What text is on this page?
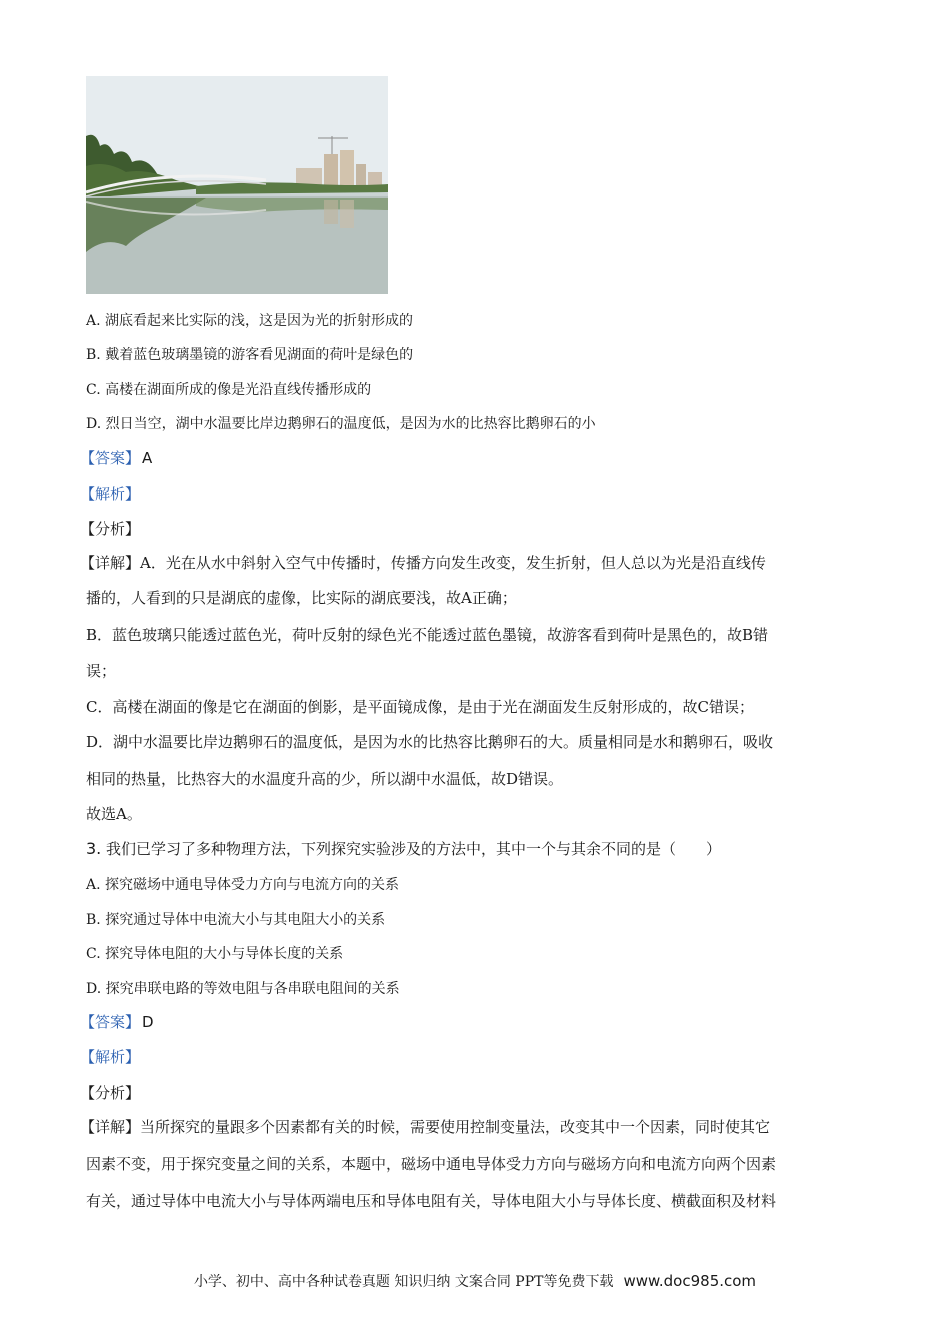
A. 湖底看起来比实际的浅，这是因为光的折射形成的
B. 戴着蓝色玻璃墨镜的游客看见湖面的荷叶是绿色的
C. 高楼在湖面所成的像是光沿直线传播形成的
D. 烈日当空，湖中水温要比岸边鹅卵石的温度低，是因为水的比热容比鹅卵石的小
【答案】 A
【解析】
【分析】
【详解】A．光在从水中斜射入空气中传播时，传播方向发生改变，发生折射，但人总以为光是沿直线传
播的，人看到的只是湖底的虚像，比实际的湖底要浅，故A正确；
B．蓝色玻璃只能透过蓝色光，荷叶反射的绿色光不能透过蓝色墨镜，故游客看到荷叶是黑色的，故B错
误；
C．高楼在湖面的像是它在湖面的倒影，是平面镜成像，是由于光在湖面发生反射形成的，故C错误；
D．湖中水温要比岸边鹅卵石的温度低，是因为水的比热容比鹅卵石的大。质量相同是水和鹅卵石，吸收
相同的热量，比热容大的水温度升高的少，所以湖中水温低，故D错误。
故选A。
3. 我们已学习了多种物理方法，下列探究实验涉及的方法中，其中一个与其余不同的是（　　）
A. 探究磁场中通电导体受力方向与电流方向的关系
B. 探究通过导体中电流大小与其电阻大小的关系
C. 探究导体电阻的大小与导体长度的关系
D. 探究串联电路的等效电阻与各串联电阻间的关系
【答案】 D
【解析】
【分析】
【详解】当所探究的量跟多个因素都有关的时候，需要使用控制变量法，改变其中一个因素，同时使其它
因素不变，用于探究变量之间的关系，本题中，磁场中通电导体受力方向与磁场方向和电流方向两个因素
有关，通过导体中电流大小与导体两端电压和导体电阻有关，导体电阻大小与导体长度、横截面积及材料
小学、初中、高中各种试卷真题 知识归纳 文案合同 PPT等免费下载 www.doc985.com
